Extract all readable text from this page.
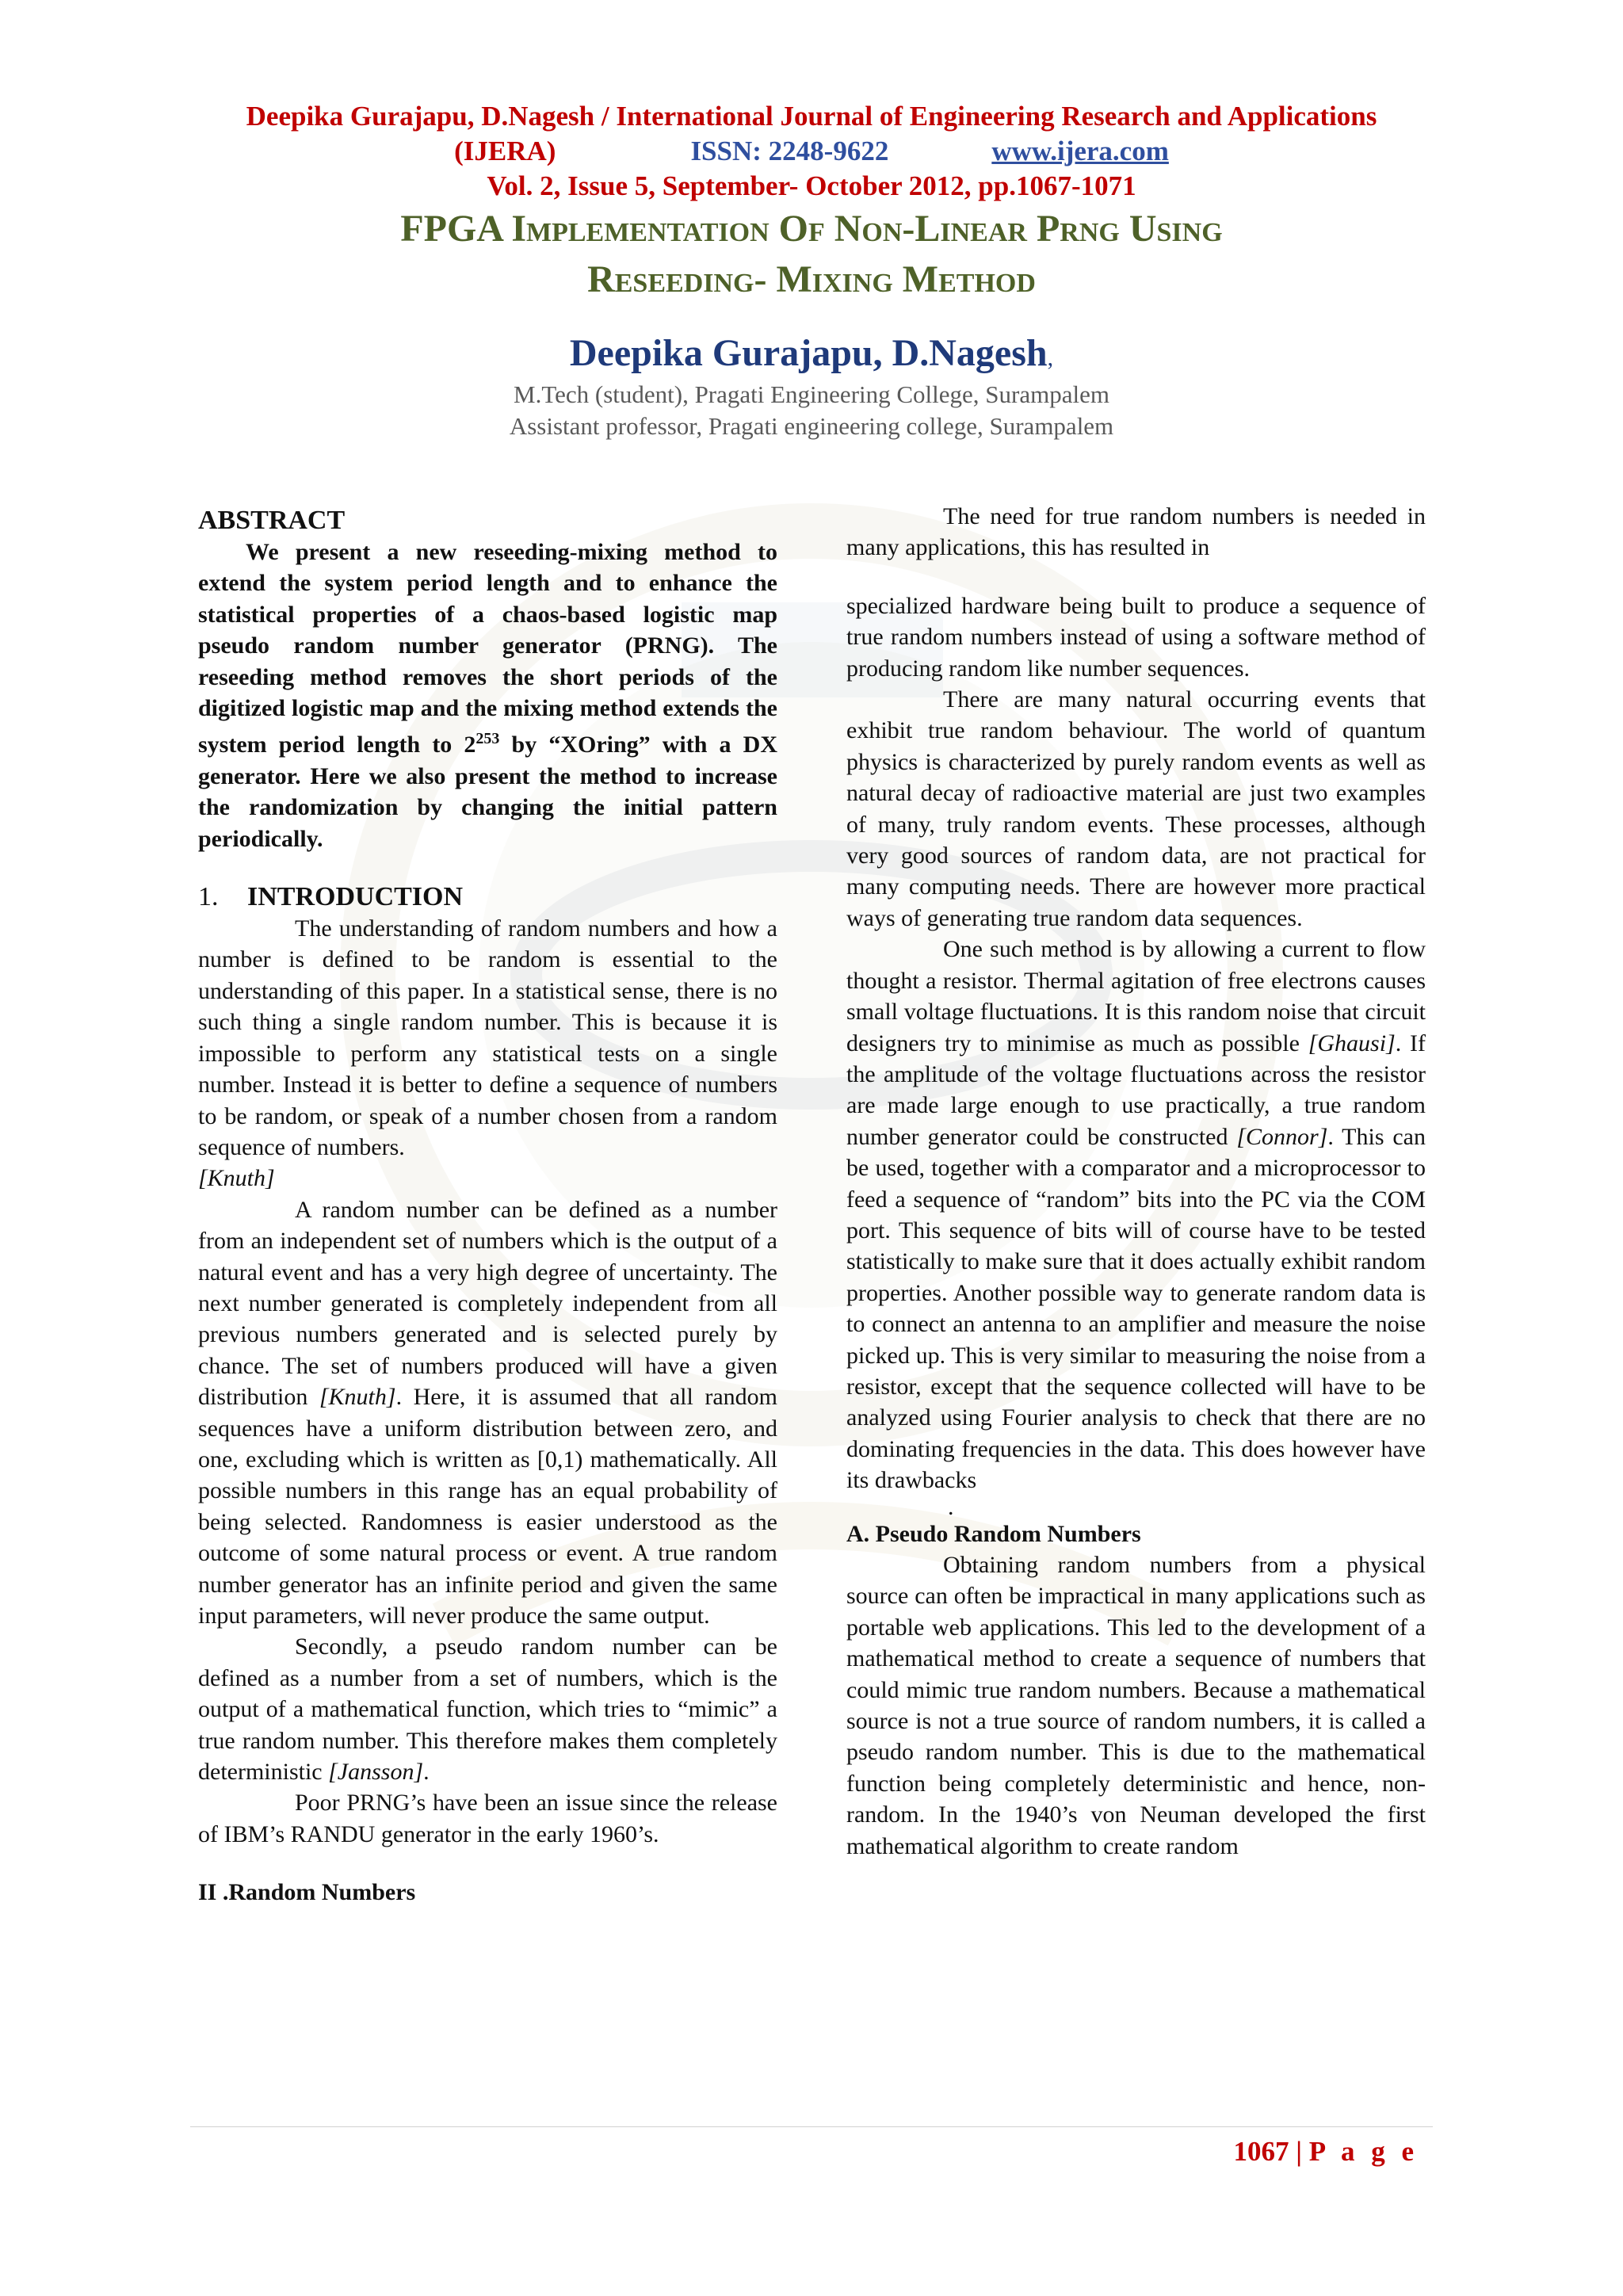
Deepika Gurajapu, D.Nagesh / International Journal of Engineering Research and Applications
(IJERA)	ISSN: 2248-9622	www.ijera.com
Vol. 2, Issue 5, September- October 2012, pp.1067-1071
FPGA Implementation Of Non-Linear Prng Using
Reseeding- Mixing Method
Deepika Gurajapu, D.Nagesh,
M.Tech (student), Pragati Engineering College, Surampalem
Assistant professor, Pragati engineering college, Surampalem

ABSTRACT

We present a new reseeding-mixing method to extend the system period length and to enhance the statistical properties of a chaos-based logistic map pseudo random number generator (PRNG). The reseeding method removes the short periods of the digitized logistic map and the mixing method extends the system period length to $2^{253}$ by “XOring” with a DX generator. Here we also present the method to increase the randomization by changing the initial pattern periodically.

1. INTRODUCTION

The understanding of random numbers and how a number is defined to be random is essential to the understanding of this paper. In a statistical sense, there is no such thing a single random number. This is because it is impossible to perform any statistical tests on a single number. Instead it is better to define a sequence of numbers to be random, or speak of a number chosen from a random sequence of numbers.

[Knuth]

A random number can be defined as a number from an independent set of numbers which is the output of a natural event and has a very high degree of uncertainty. The next number generated is completely independent from all previous numbers generated and is selected purely by chance. The set of numbers produced will have a given distribution [Knuth]. Here, it is assumed that all random sequences have a uniform distribution between zero, and one, excluding which is written as [0,1) mathematically. All possible numbers in this range has an equal probability of being selected. Randomness is easier understood as the outcome of some natural process or event. A true random number generator has an infinite period and given the same input parameters, will never produce the same output.

Secondly, a pseudo random number can be defined as a number from a set of numbers, which is the output of a mathematical function, which tries to “mimic” a true random number. This therefore makes them completely deterministic [Jansson].

Poor PRNG’s have been an issue since the release of IBM’s RANDU generator in the early 1960’s.

II .Random Numbers

The need for true random numbers is needed in many applications, this has resulted in

specialized hardware being built to produce a sequence of true random numbers instead of using a software method of producing random like number sequences.

There are many natural occurring events that exhibit true random behaviour. The world of quantum physics is characterized by purely random events as well as natural decay of radioactive material are just two examples of many, truly random events. These processes, although very good sources of random data, are not practical for many computing needs. There are however more practical ways of generating true random data sequences.

One such method is by allowing a current to flow thought a resistor. Thermal agitation of free electrons causes small voltage fluctuations. It is this random noise that circuit designers try to minimise as much as possible [Ghausi]. If the amplitude of the voltage fluctuations across the resistor are made large enough to use practically, a true random number generator could be constructed [Connor]. This can be used, together with a comparator and a microprocessor to feed a sequence of “random” bits into the PC via the COM port. This sequence of bits will of course have to be tested statistically to make sure that it does actually exhibit random properties. Another possible way to generate random data is to connect an antenna to an amplifier and measure the noise picked up. This is very similar to measuring the noise from a resistor, except that the sequence collected will have to be analyzed using Fourier analysis to check that there are no dominating frequencies in the data. This does however have its drawbacks

.

A. Pseudo Random Numbers

Obtaining random numbers from a physical source can often be impractical in many applications such as portable web applications. This led to the development of a mathematical method to create a sequence of numbers that could mimic true random numbers. Because a mathematical source is not a true source of random numbers, it is called a pseudo random number. This is due to the mathematical function being completely deterministic and hence, non-random. In the 1940’s von Neuman developed the first mathematical algorithm to create random

1067 | P a g e
